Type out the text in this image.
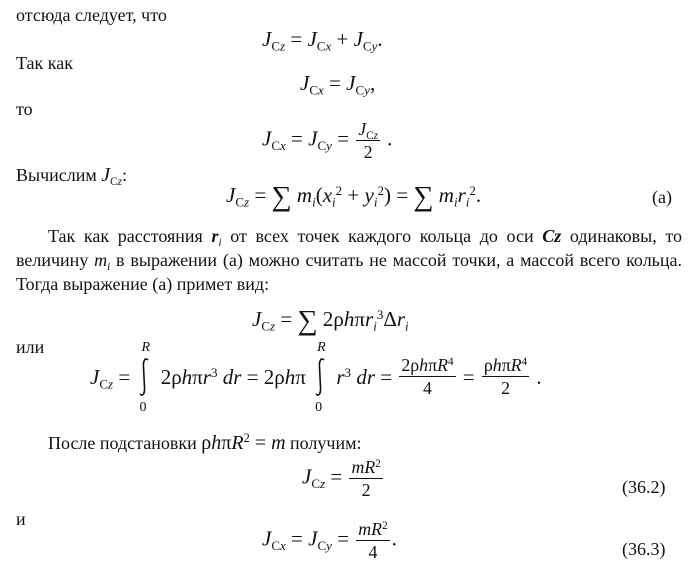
отсюда следует, что
$J_{Cz} = J_{Cx} + J_{Cy}$.
Так как
$J_{Cx} = J_{Cy}$,
то
$J_{Cx} = J_{Cy} = \frac{J_{Cz}}{2}$ .
Вычислим $J_{Cz}$:
$J_{Cz}$ = ∑ $m_i(x_i^2 + y_i^2)$ = ∑ $m_ir_i^2$.	(а)
Так как расстояния $r_i$ от всех точек каждого кольца до оси Cz одинаковы, то величину $m_i$ в выражении (а) можно считать не массой точки, а массой всего кольца. Тогда выражение (а) примет вид:
$J_{Cz}$ = ∑ $2\rho h\pi r_i^3\Delta r_i$
или
$J_{Cz}$ =
R
0
2ρhπr$^3$ dr = 2ρhπ
R
0
$r^3$ dr = $\frac{2\rho h\pi R^4}{4} = \frac{\rho h\pi R^4}{2}$ .
После подстановки ρhπR$^2$ = m получим:
$J_{Cz} = \frac{mR^2}{2}$	(36.2)
и
$J_{Cx} = J_{Cy} = \frac{mR^2}{4}$ .	(36.3)
